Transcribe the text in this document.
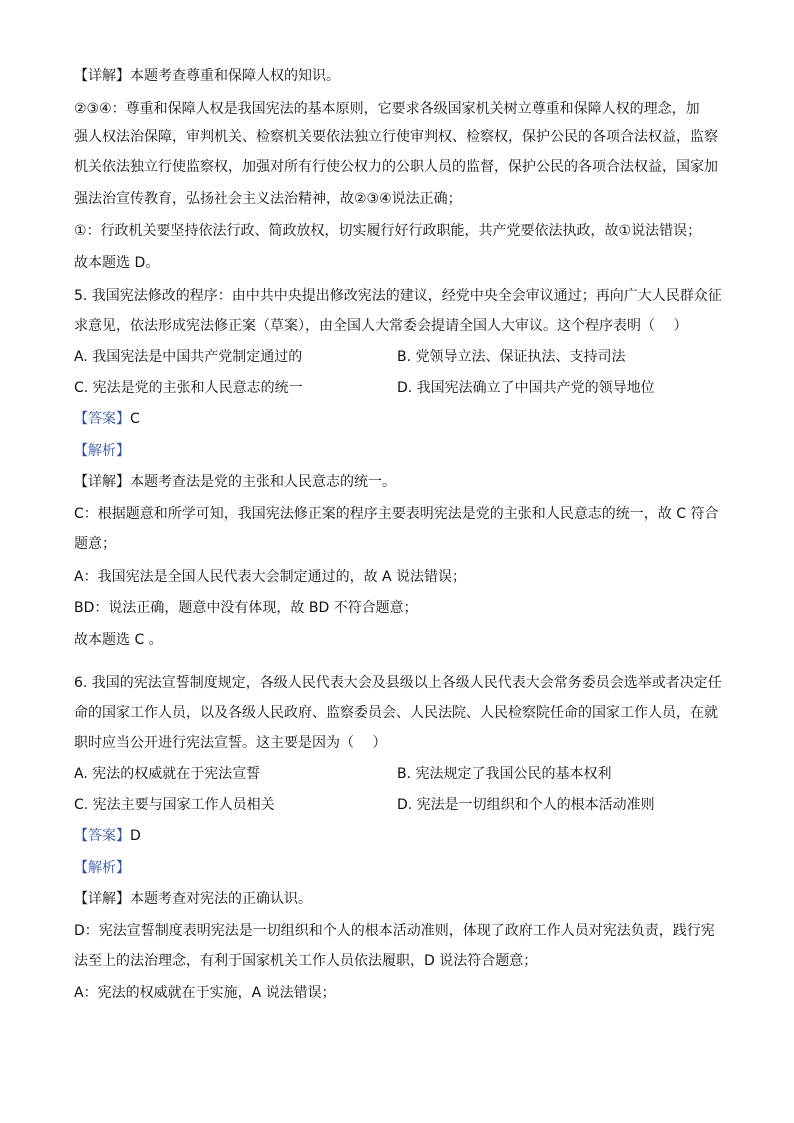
【详解】本题考查尊重和保障人权的知识。
②③④：尊重和保障人权是我国宪法的基本原则，它要求各级国家机关树立尊重和保障人权的理念，加
强人权法治保障，审判机关、检察机关要依法独立行使审判权、检察权，保护公民的各项合法权益，监察
机关依法独立行使监察权，加强对所有行使公权力的公职人员的监督，保护公民的各项合法权益，国家加
强法治宣传教育，弘扬社会主义法治精神，故②③④说法正确；
①：行政机关要坚持依法行政、简政放权，切实履行好行政职能，共产党要依法执政，故①说法错误；
故本题选 D。
5. 我国宪法修改的程序：由中共中央提出修改宪法的建议，经党中央全会审议通过；再向广大人民群众征
求意见，依法形成宪法修正案（草案），由全国人大常委会提请全国人大审议。这个程序表明（　 ）
A. 我国宪法是中国共产党制定通过的	B. 党领导立法、保证执法、支持司法
C. 宪法是党的主张和人民意志的统一	D. 我国宪法确立了中国共产党的领导地位
【答案】C
【解析】
【详解】本题考查法是党的主张和人民意志的统一。
C：根据题意和所学可知，我国宪法修正案的程序主要表明宪法是党的主张和人民意志的统一，故 C 符合
题意；
A：我国宪法是全国人民代表大会制定通过的，故 A 说法错误；
BD：说法正确，题意中没有体现，故 BD 不符合题意；
故本题选 C 。
6. 我国的宪法宣誓制度规定，各级人民代表大会及县级以上各级人民代表大会常务委员会选举或者决定任
命的国家工作人员，以及各级人民政府、监察委员会、人民法院、人民检察院任命的国家工作人员，在就
职时应当公开进行宪法宣誓。这主要是因为（　 ）
A. 宪法的权威就在于宪法宣誓	B. 宪法规定了我国公民的基本权利
C. 宪法主要与国家工作人员相关	D. 宪法是一切组织和个人的根本活动准则
【答案】D
【解析】
【详解】本题考查对宪法的正确认识。
D：宪法宣誓制度表明宪法是一切组织和个人的根本活动准则，体现了政府工作人员对宪法负责，践行宪
法至上的法治理念，有利于国家机关工作人员依法履职，D 说法符合题意；
A：宪法的权威就在于实施，A 说法错误；
